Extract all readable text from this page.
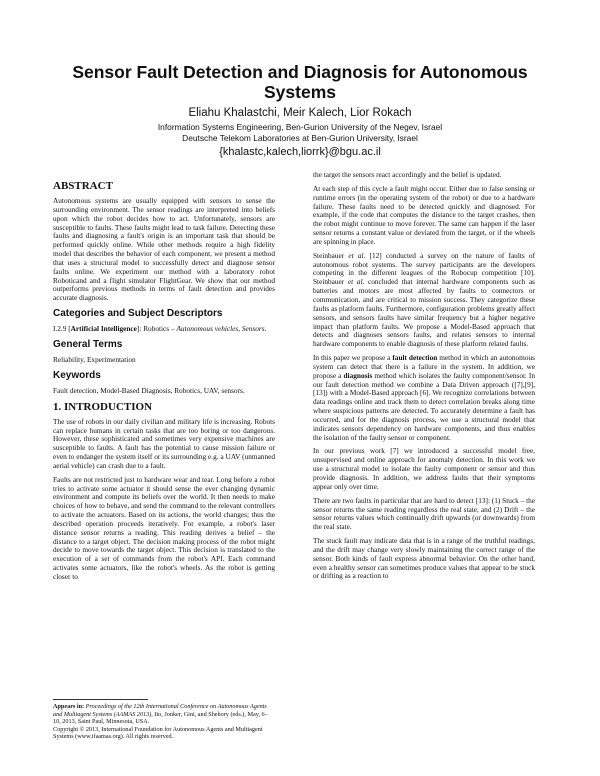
Sensor Fault Detection and Diagnosis for Autonomous Systems
Eliahu Khalastchi, Meir Kalech, Lior Rokach
Information Systems Engineering, Ben-Gurion University of the Negev, Israel
Deutsche Telekom Laboratories at Ben-Gurion University, Israel
{khalastc,kalech,liorrk}@bgu.ac.il
ABSTRACT

Autonomous systems are usually equipped with sensors to sense the surrounding environment. The sensor readings are interpreted into beliefs upon which the robot decides how to act. Unfortunately, sensors are susceptible to faults. These faults might lead to task failure. Detecting these faults and diagnosing a fault's origin is an important task that should be performed quickly online. While other methods require a high fidelity model that describes the behavior of each component, we present a method that uses a structural model to successfully detect and diagnose sensor faults online. We experiment our method with a laboratory robot Roboticand and a flight simulator FlightGear. We show that our method outperforms previous methods in terms of fault detection and provides accurate diagnosis.

Categories and Subject Descriptors

I.2.9 [Artificial Intelligence]: Robotics – Autonomous vehicles, Sensors.

General Terms

Reliability, Experimentation

Keywords

Fault detection, Model-Based Diagnosis, Robotics, UAV, sensors.

1. INTRODUCTION

The use of robots in our daily civilian and military life is increasing. Robots can replace humans in certain tasks that are too boring or too dangerous. However, these sophisticated and sometimes very expensive machines are susceptible to faults. A fault has the potential to cause mission failure or even to endanger the system itself or its surrounding e.g. a UAV (unmanned aerial vehicle) can crash due to a fault.

Faults are not restricted just to hardware wear and tear. Long before a robot tries to activate some actuator it should sense the ever changing dynamic environment and compute its beliefs over the world. It then needs to make choices of how to behave, and send the command to the relevant controllers to activate the actuators. Based on its actions, the world changes; thus the described operation proceeds iteratively. For example, a robot's laser distance sensor returns a reading. This reading derives a belief – the distance to a target object. The decision making process of the robot might decide to move towards the target object. This decision is translated to the execution of a set of commands from the robot's API. Each command activates some actuators, like the robot's wheels. As the robot is getting closer to

Appears in: Proceedings of the 12th International Conference on Autonomous Agents and Multiagent Systems (AAMAS 2013), Ito, Jonker, Gini, and Shehory (eds.), May, 6–10, 2013, Saint Paul, Minnesota, USA.
Copyright © 2013, International Foundation for Autonomous Agents and Multiagent Systems (www.ifaamas.org). All rights reserved.

the target the sensors react accordingly and the belief is updated.

At each step of this cycle a fault might occur. Either due to false sensing or runtime errors (in the operating system of the robot) or due to a hardware failure. These faults need to be detected quickly and diagnosed. For example, if the code that computes the distance to the target crashes, then the robot might continue to move forever. The same can happen if the laser sensor returns a constant value or deviated from the target, or if the wheels are spinning in place.

Steinbauer et al. [12] conducted a survey on the nature of faults of autonomous robot systems. The survey participants are the developers competing in the different leagues of the Robocup competition [10]. Steinbauer et al. concluded that internal hardware components such as batteries and motors are most affected by faults to connectors or communication, and are critical to mission success. They categorize these faults as platform faults. Furthermore, configuration problems greatly affect sensors, and sensors faults have similar frequency but a higher negative impact than platform faults. We propose a Model-Based approach that detects and diagnoses sensors faults, and relates sensors to internal hardware components to enable diagnosis of these platform related faults.

In this paper we propose a fault detection method in which an autonomous system can detect that there is a failure in the system. In addition, we propose a diagnosis method which isolates the faulty component/sensor. In our fault detection method we combine a Data Driven approach ([7],[9],[13]) with a Model-Based approach [6]. We recognize correlations between data readings online and track them to detect correlation breaks along time where suspicious patterns are detected. To accurately determine a fault has occurred, and for the diagnosis process, we use a structural model that indicates sensors dependency on hardware components, and thus enables the isolation of the faulty sensor or component.

In our previous work [7] we introduced a successful model free, unsupervised and online approach for anomaly detection. In this work we use a structural model to isolate the faulty component or sensor and thus provide diagnosis. In addition, we address faults that their symptoms appear only over time.

There are two faults in particular that are hard to detect [13]: (1) Stuck – the sensor returns the same reading regardless the real state, and (2) Drift – the sensor returns values which continually drift upwards (or downwards) from the real state.

The stuck fault may indicate data that is in a range of the truthful readings, and the drift may change very slowly maintaining the correct range of the sensor. Both kinds of fault express abnormal behavior. On the other hand, even a healthy sensor can sometimes produce values that appear to be stuck or drifting as a reaction to
